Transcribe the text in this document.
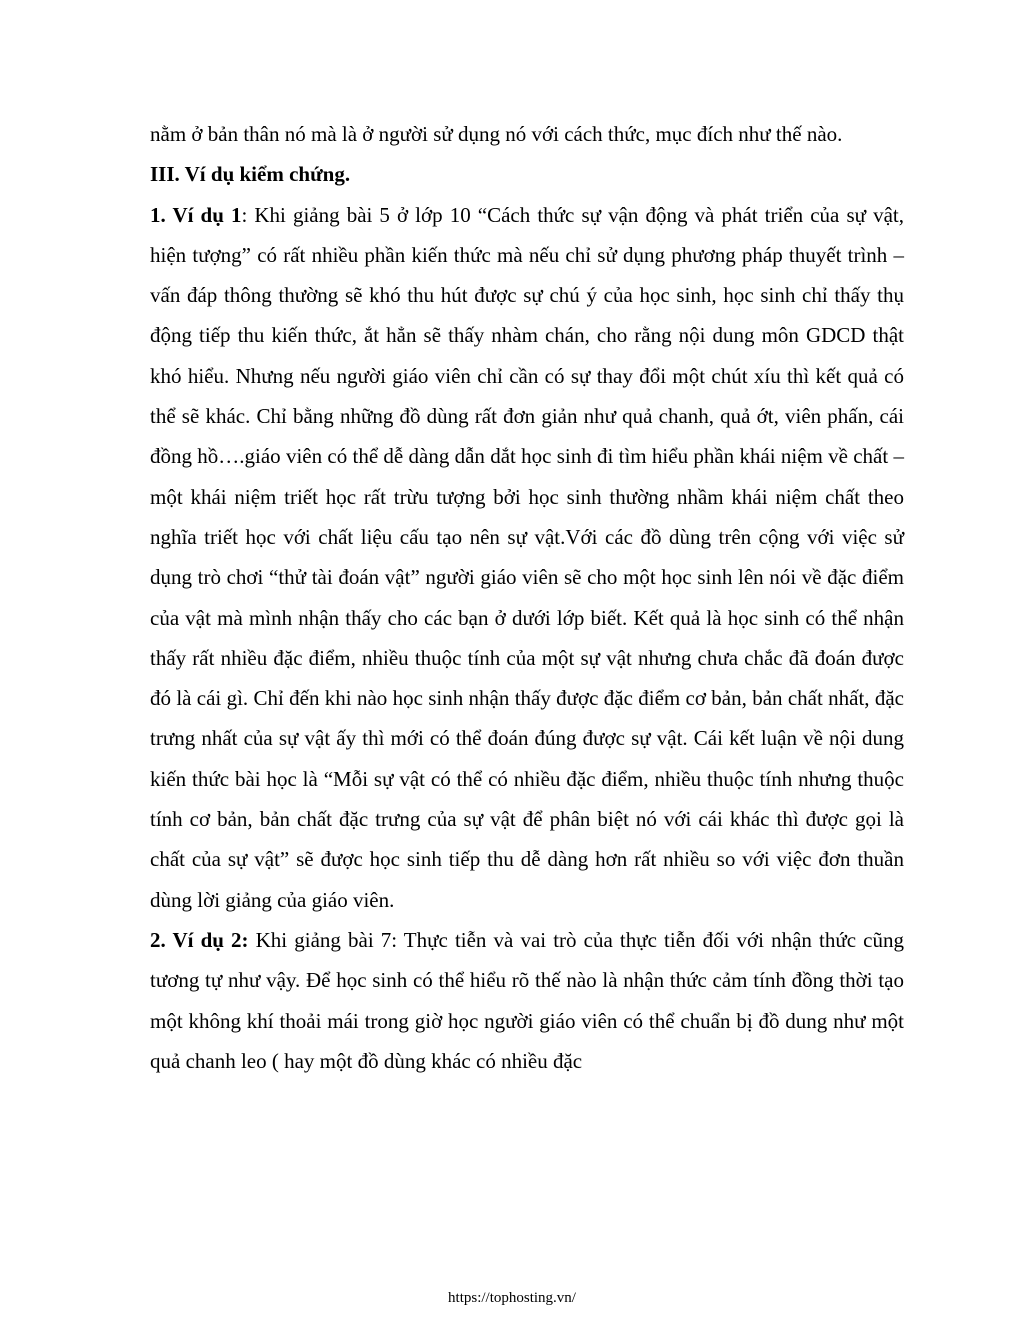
nằm ở bản thân nó mà là ở người sử dụng nó với cách thức, mục đích như thế nào.

III. Ví dụ kiểm chứng.

1. Ví dụ 1: Khi giảng bài 5 ở lớp 10 “Cách thức sự vận động và phát triển của sự vật, hiện tượng” có rất nhiều phần kiến thức mà nếu chỉ sử dụng phương pháp thuyết trình – vấn đáp thông thường sẽ khó thu hút được sự chú ý của học sinh, học sinh chỉ thấy thụ động tiếp thu kiến thức, ắt hẳn sẽ thấy nhàm chán, cho rằng nội dung môn GDCD thật khó hiểu. Nhưng nếu người giáo viên chỉ cần có sự thay đổi một chút xíu thì kết quả có thể sẽ khác. Chỉ bằng những đồ dùng rất đơn giản như quả chanh, quả ớt, viên phấn, cái đồng hồ….giáo viên có thể dễ dàng dẫn dắt học sinh đi tìm hiểu phần khái niệm về chất – một khái niệm triết học rất trừu tượng bởi học sinh thường nhầm khái niệm chất theo nghĩa triết học với chất liệu cấu tạo nên sự vật.Với các đồ dùng trên cộng với việc sử dụng trò chơi “thử tài đoán vật” người giáo viên sẽ cho một học sinh lên nói về đặc điểm của vật mà mình nhận thấy cho các bạn ở dưới lớp biết. Kết quả là học sinh có thể nhận thấy rất nhiều đặc điểm, nhiều thuộc tính của một sự vật nhưng chưa chắc đã đoán được đó là cái gì. Chỉ đến khi nào học sinh nhận thấy được đặc điểm cơ bản, bản chất nhất, đặc trưng nhất của sự vật ấy thì mới có thể đoán đúng được sự vật. Cái kết luận về nội dung kiến thức bài học là “Mỗi sự vật có thể có nhiều đặc điểm, nhiều thuộc tính nhưng thuộc tính cơ bản, bản chất đặc trưng của sự vật để phân biệt nó với cái khác thì được gọi là chất của sự vật” sẽ được học sinh tiếp thu dễ dàng hơn rất nhiều so với việc đơn thuần dùng lời giảng của giáo viên.

2. Ví dụ 2: Khi giảng bài 7: Thực tiễn và vai trò của thực tiễn đối với nhận thức cũng tương tự như vậy. Để học sinh có thể hiểu rõ thế nào là nhận thức cảm tính đồng thời tạo một không khí thoải mái trong giờ học người giáo viên có thể chuẩn bị đồ dung như một quả chanh leo ( hay một đồ dùng khác có nhiều đặc

https://tophosting.vn/
